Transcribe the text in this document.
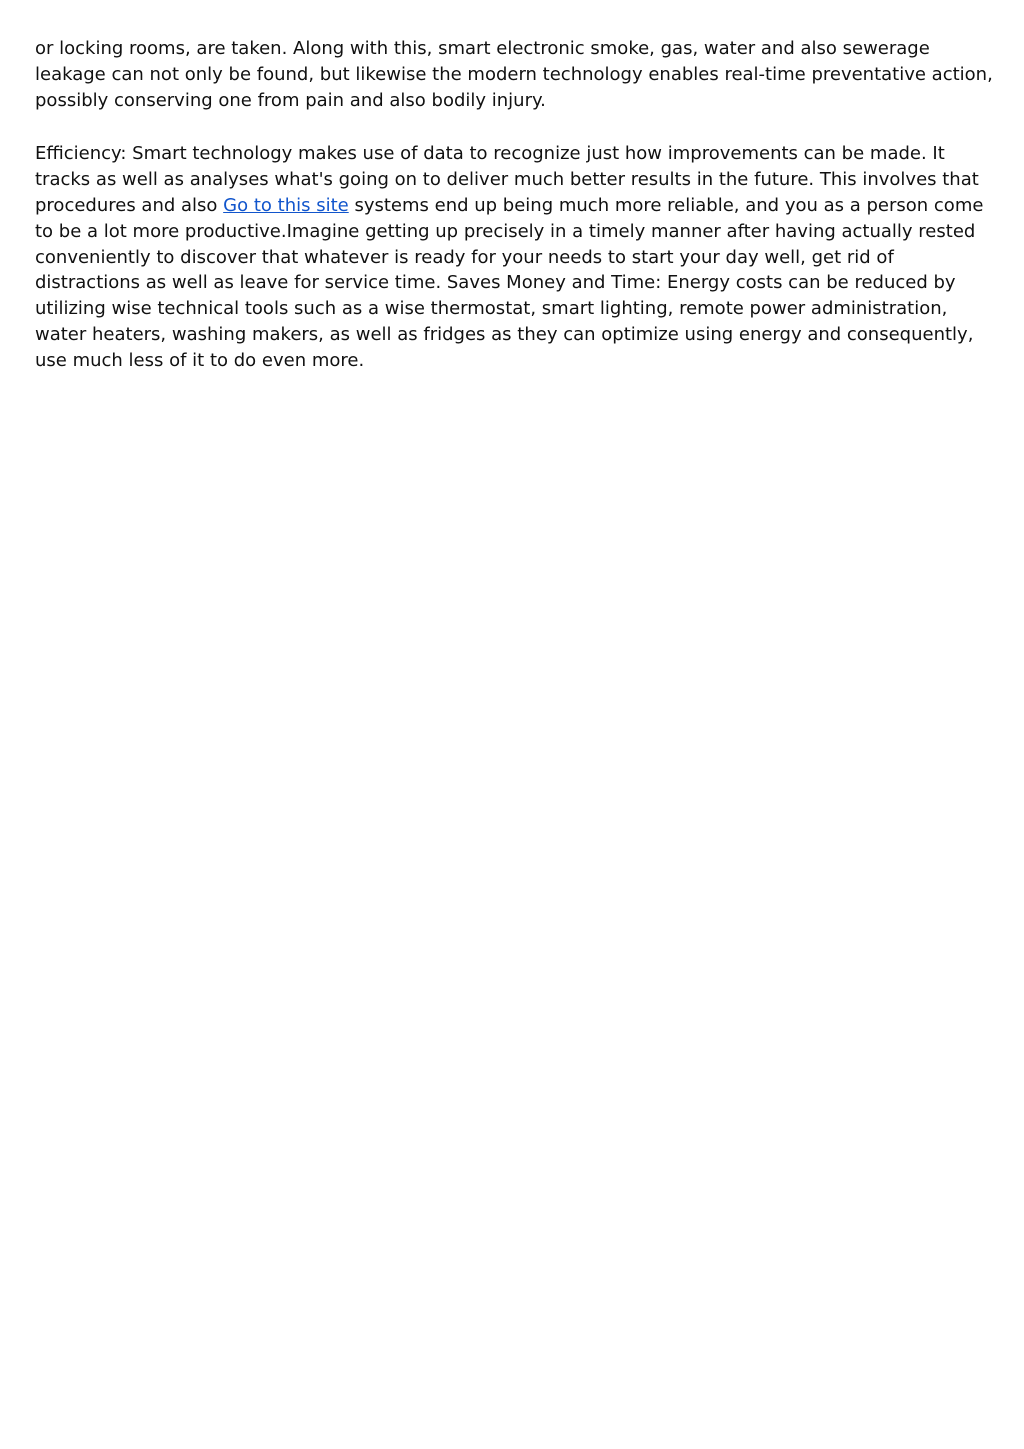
or locking rooms, are taken. Along with this, smart electronic smoke, gas, water and also sewerage leakage can not only be found, but likewise the modern technology enables real-time preventative action, possibly conserving one from pain and also bodily injury.

Efficiency: Smart technology makes use of data to recognize just how improvements can be made. It tracks as well as analyses what's going on to deliver much better results in the future. This involves that procedures and also Go to this site systems end up being much more reliable, and you as a person come to be a lot more productive.Imagine getting up precisely in a timely manner after having actually rested conveniently to discover that whatever is ready for your needs to start your day well, get rid of distractions as well as leave for service time. Saves Money and Time: Energy costs can be reduced by utilizing wise technical tools such as a wise thermostat, smart lighting, remote power administration, water heaters, washing makers, as well as fridges as they can optimize using energy and consequently, use much less of it to do even more.
